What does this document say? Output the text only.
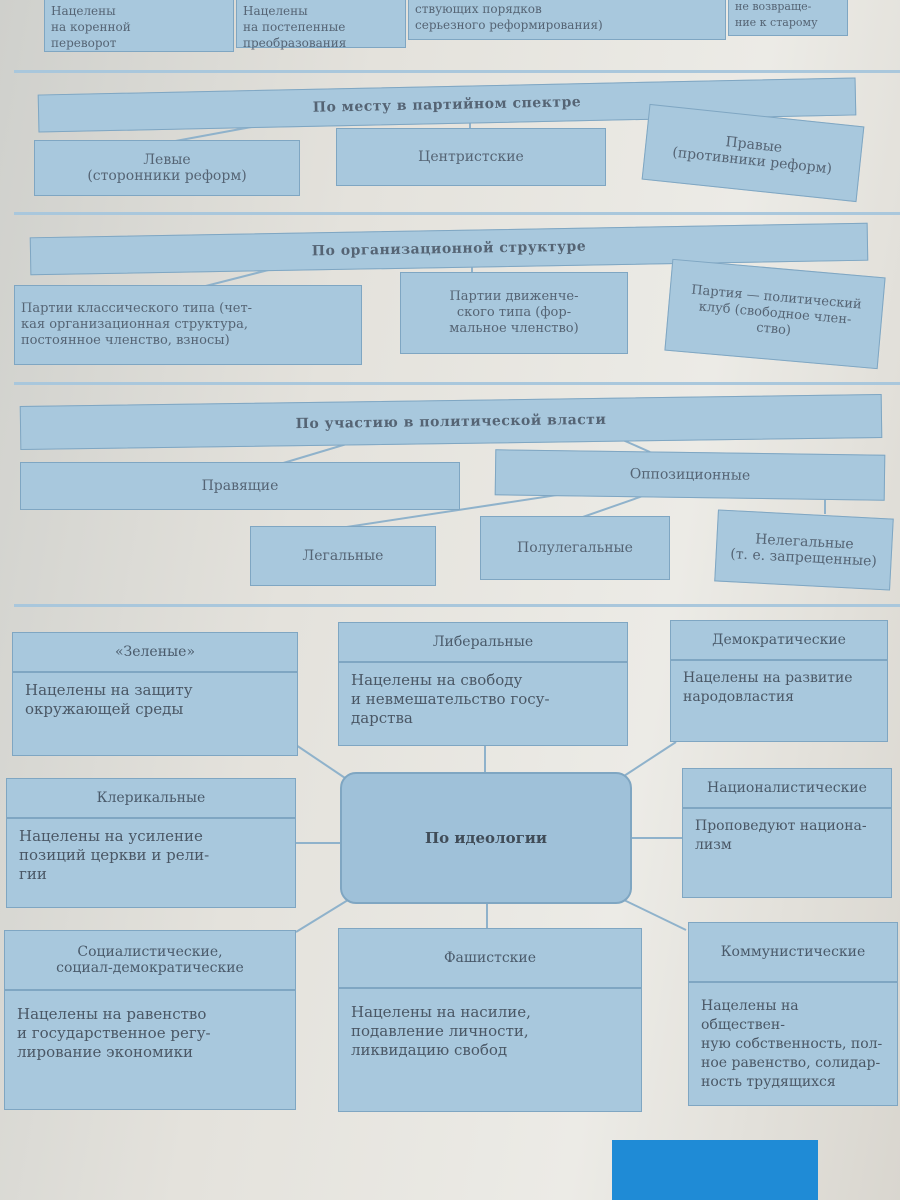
Нацелены
на коренной
переворот
Нацелены
на постепенные
преобразования
ствующих порядков
серьезного реформирования)
не возвраще-
ние к старому
По месту в партийном спектре
Левые
(сторонники реформ)
Центристские
Правые
(противники реформ)
По организационной структуре
Партии классического типа (чет-
кая организационная структура,
постоянное членство, взносы)
Партии движенче-
ского типа (фор-
мальное членство)
Партия — политический
клуб (свободное член-
ство)
По участию в политической власти
Правящие
Оппозиционные
Легальные	Полулегальные	Нелегальные
(т. е. запрещенные)
«Зеленые»
Нацелены на защиту
окружающей среды
Либеральные
Нацелены на свободу
и невмешательство госу-
дарства
Демократические
Нацелены на развитие
народовластия
Клерикальные
Нацелены на усиление
позиций церкви и рели-
гии
По идеологии
Националистические
Проповедуют национа-
лизм
Социалистические,
социал-демократические
Нацелены на равенство
и государственное регу-
лирование экономики
Фашистские
Нацелены на насилие,
подавление личности,
ликвидацию свобод
Коммунистические
Нацелены на обществен-
ную собственность, пол-
ное равенство, солидар-
ность трудящихся
